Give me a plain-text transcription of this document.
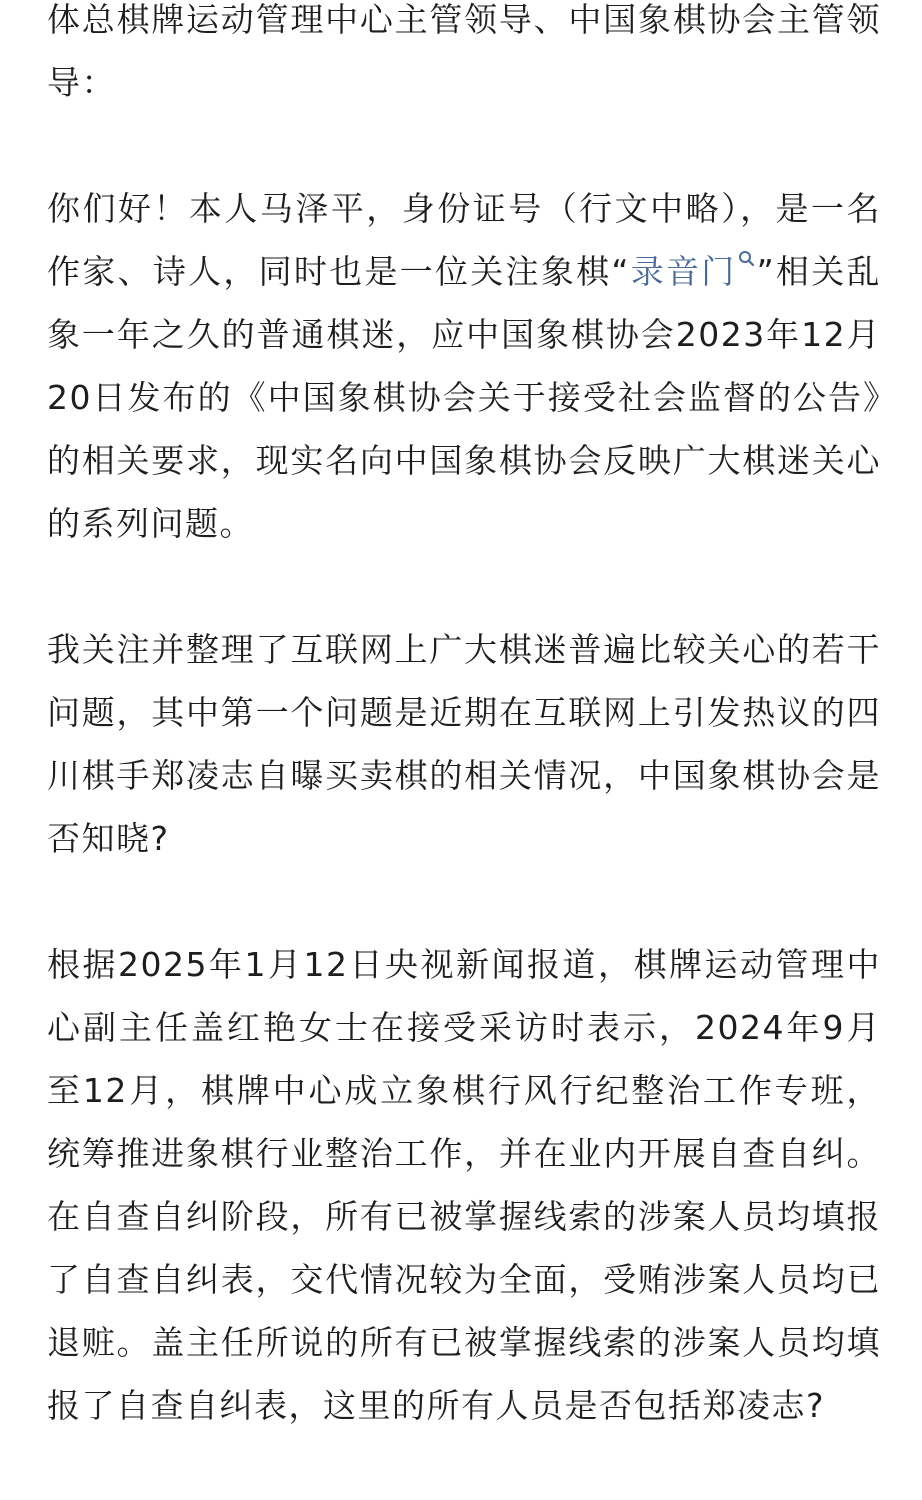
体总棋牌运动管理中心主管领导、中国象棋协会主管领导：

你们好！本人马泽平，身份证号（行文中略），是一名作家、诗人，同时也是一位关注象棋“录音门 ”相关乱象一年之久的普通棋迷，应中国象棋协会2023年12月20日发布的《中国象棋协会关于接受社会监督的公告》的相关要求，现实名向中国象棋协会反映广大棋迷关心的系列问题。

我关注并整理了互联网上广大棋迷普遍比较关心的若干问题，其中第一个问题是近期在互联网上引发热议的四川棋手郑凌志自曝买卖棋的相关情况，中国象棋协会是否知晓?

根据2025年1月12日央视新闻报道，棋牌运动管理中心副主任盖红艳女士在接受采访时表示，2024年9月至12月，棋牌中心成立象棋行风行纪整治工作专班，统筹推进象棋行业整治工作，并在业内开展自查自纠。在自查自纠阶段，所有已被掌握线索的涉案人员均填报了自查自纠表，交代情况较为全面，受贿涉案人员均已退赃。盖主任所说的所有已被掌握线索的涉案人员均填报了自查自纠表，这里的所有人员是否包括郑凌志?
